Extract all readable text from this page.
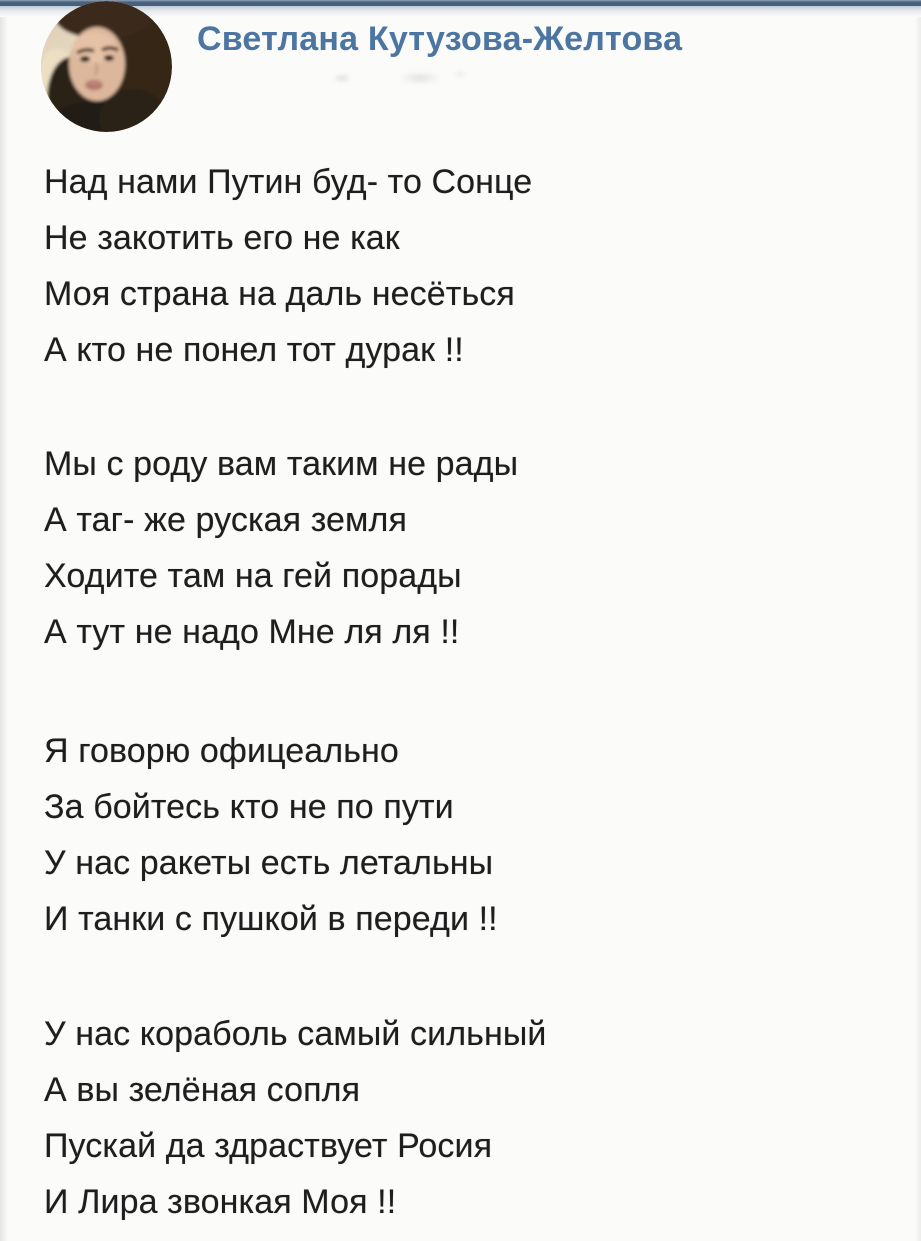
Светлана Кутузова-Желтова
Над нами Путин буд- то Сонце
Не закотить его не как
Моя страна на даль несёться
А кто не понел тот дурак !!
Мы с роду вам таким не рады
А таг- же руская земля
Ходите там на гей порады
А тут не надо Мне ля ля !!
Я говорю офицеально
За бойтесь кто не по пути
У нас ракеты есть летальны
И танки с пушкой в переди !!
У нас кораболь самый сильный
А вы зелёная сопля
Пускай да здраствует Росия
И Лира звонкая Моя !!
